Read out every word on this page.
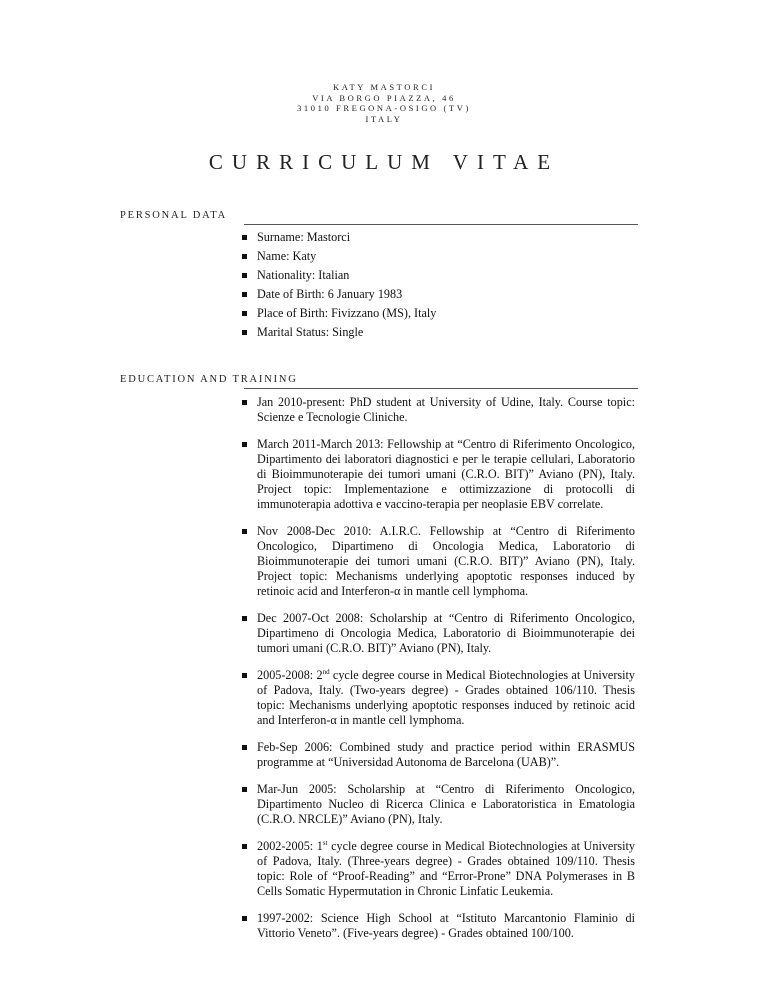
KATY MASTORCI
VIA BORGO PIAZZA, 46
31010 FREGONA-OSIGO (TV)
ITALY
CURRICULUM VITAE
PERSONAL DATA
Surname: Mastorci
Name: Katy
Nationality: Italian
Date of Birth: 6 January 1983
Place of Birth: Fivizzano (MS), Italy
Marital Status: Single
EDUCATION AND TRAINING
Jan 2010-present: PhD student at University of Udine, Italy. Course topic: Scienze e Tecnologie Cliniche.
March 2011-March 2013: Fellowship at “Centro di Riferimento Oncologico, Dipartimento dei laboratori diagnostici e per le terapie cellulari, Laboratorio di Bioimmunoterapie dei tumori umani (C.R.O. BIT)” Aviano (PN), Italy. Project topic: Implementazione e ottimizzazione di protocolli di immunoterapia adottiva e vaccino-terapia per neoplasie EBV correlate.
Nov 2008-Dec 2010: A.I.R.C. Fellowship at “Centro di Riferimento Oncologico, Dipartimeno di Oncologia Medica, Laboratorio di Bioimmunoterapie dei tumori umani (C.R.O. BIT)” Aviano (PN), Italy. Project topic: Mechanisms underlying apoptotic responses induced by retinoic acid and Interferon-α in mantle cell lymphoma.
Dec 2007-Oct 2008: Scholarship at “Centro di Riferimento Oncologico, Dipartimeno di Oncologia Medica, Laboratorio di Bioimmunoterapie dei tumori umani (C.R.O. BIT)” Aviano (PN), Italy.
2005-2008: 2nd cycle degree course in Medical Biotechnologies at University of Padova, Italy. (Two-years degree) - Grades obtained 106/110. Thesis topic: Mechanisms underlying apoptotic responses induced by retinoic acid and Interferon-α in mantle cell lymphoma.
Feb-Sep 2006: Combined study and practice period within ERASMUS programme at “Universidad Autonoma de Barcelona (UAB)”.
Mar-Jun 2005: Scholarship at “Centro di Riferimento Oncologico, Dipartimento Nucleo di Ricerca Clinica e Laboratoristica in Ematologia (C.R.O. NRCLE)” Aviano (PN), Italy.
2002-2005: 1st cycle degree course in Medical Biotechnologies at University of Padova, Italy. (Three-years degree) - Grades obtained 109/110. Thesis topic: Role of “Proof-Reading” and “Error-Prone” DNA Polymerases in B Cells Somatic Hypermutation in Chronic Linfatic Leukemia.
1997-2002: Science High School at “Istituto Marcantonio Flaminio di Vittorio Veneto”. (Five-years degree) - Grades obtained 100/100.
